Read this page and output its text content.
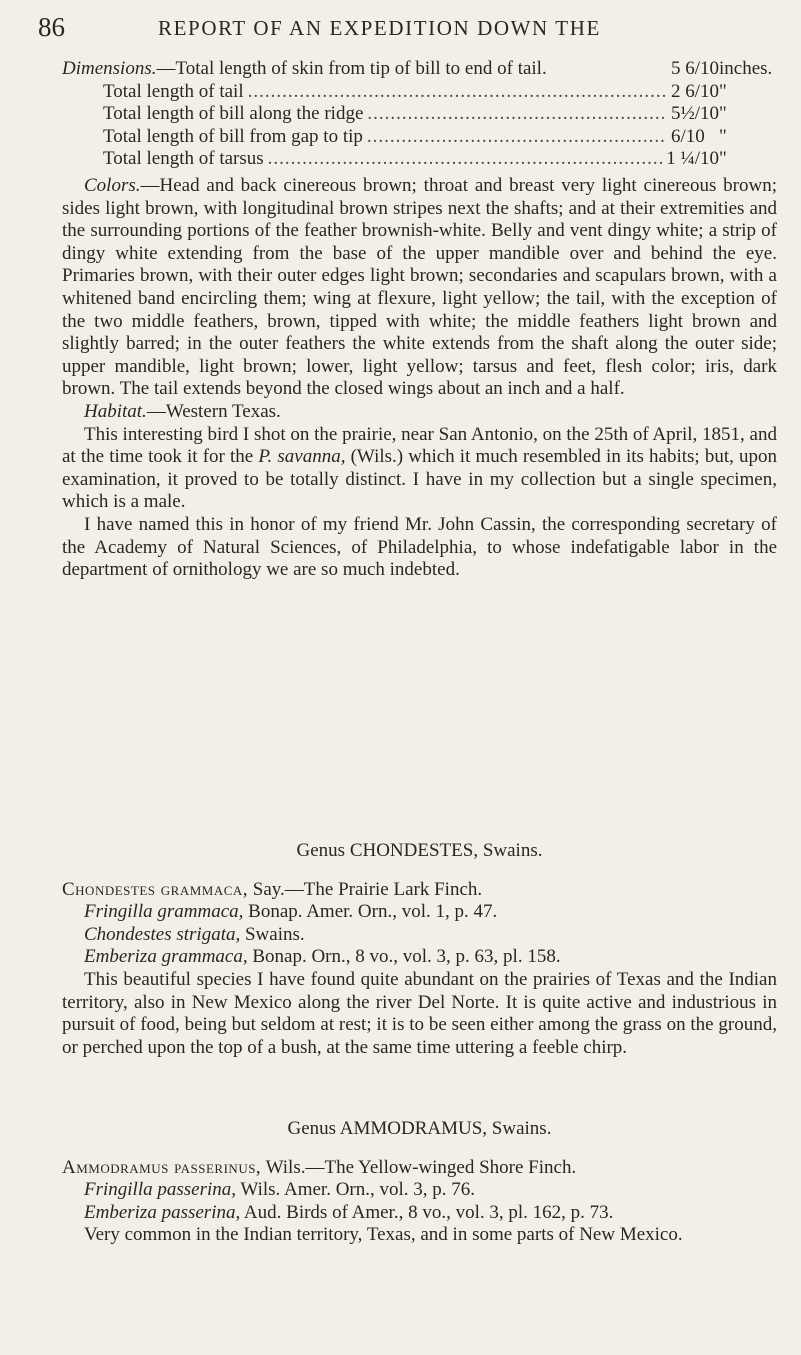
86	REPORT OF AN EXPEDITION DOWN THE
Dimensions.—Total length of skin from tip of bill to end of tail.	5 6/10 inches.
Total length of tail .....	2 6/10 "
Total length of bill along the ridge .....	5½/10 "
Total length of bill from gap to tip .....	6/10 "
Total length of tarsus .....	1 ¼/10 "

Colors.—Head and back cinereous brown; throat and breast very light cinereous brown; sides light brown, with longitudinal brown stripes next the shafts; and at their extremities and the surrounding portions of the feather brownish-white. Belly and vent dingy white; a strip of dingy white extending from the base of the upper mandible over and behind the eye. Primaries brown, with their outer edges light brown; secondaries and scapulars brown, with a whitened band encircling them; wing at flexure, light yellow; the tail, with the exception of the two middle feathers, brown, tipped with white; the middle feathers light brown and slightly barred; in the outer feathers the white extends from the shaft along the outer side; upper mandible, light brown; lower, light yellow; tarsus and feet, flesh color; iris, dark brown. The tail extends beyond the closed wings about an inch and a half.

Habitat.—Western Texas.

This interesting bird I shot on the prairie, near San Antonio, on the 25th of April, 1851, and at the time took it for the P. savanna, (Wils.) which it much resembled in its habits; but, upon examination, it proved to be totally distinct. I have in my collection but a single specimen, which is a male.

I have named this in honor of my friend Mr. John Cassin, the corresponding secretary of the Academy of Natural Sciences, of Philadelphia, to whose indefatigable labor in the department of ornithology we are so much indebted.

Genus CHONDESTES, Swains.

Chondestes grammaca, Say.—The Prairie Lark Finch.

Fringilla grammaca, Bonap. Amer. Orn., vol. 1, p. 47.

Chondestes strigata, Swains.

Emberiza grammaca, Bonap. Orn., 8 vo., vol. 3, p. 63, pl. 158.

This beautiful species I have found quite abundant on the prairies of Texas and the Indian territory, also in New Mexico along the river Del Norte. It is quite active and industrious in pursuit of food, being but seldom at rest; it is to be seen either among the grass on the ground, or perched upon the top of a bush, at the same time uttering a feeble chirp.

Genus AMMODRAMUS, Swains.

Ammodramus passerinus, Wils.—The Yellow-winged Shore Finch.

Fringilla passerina, Wils. Amer. Orn., vol. 3, p. 76.

Emberiza passerina, Aud. Birds of Amer., 8 vo., vol. 3, pl. 162, p. 73.

Very common in the Indian territory, Texas, and in some parts of New Mexico.
